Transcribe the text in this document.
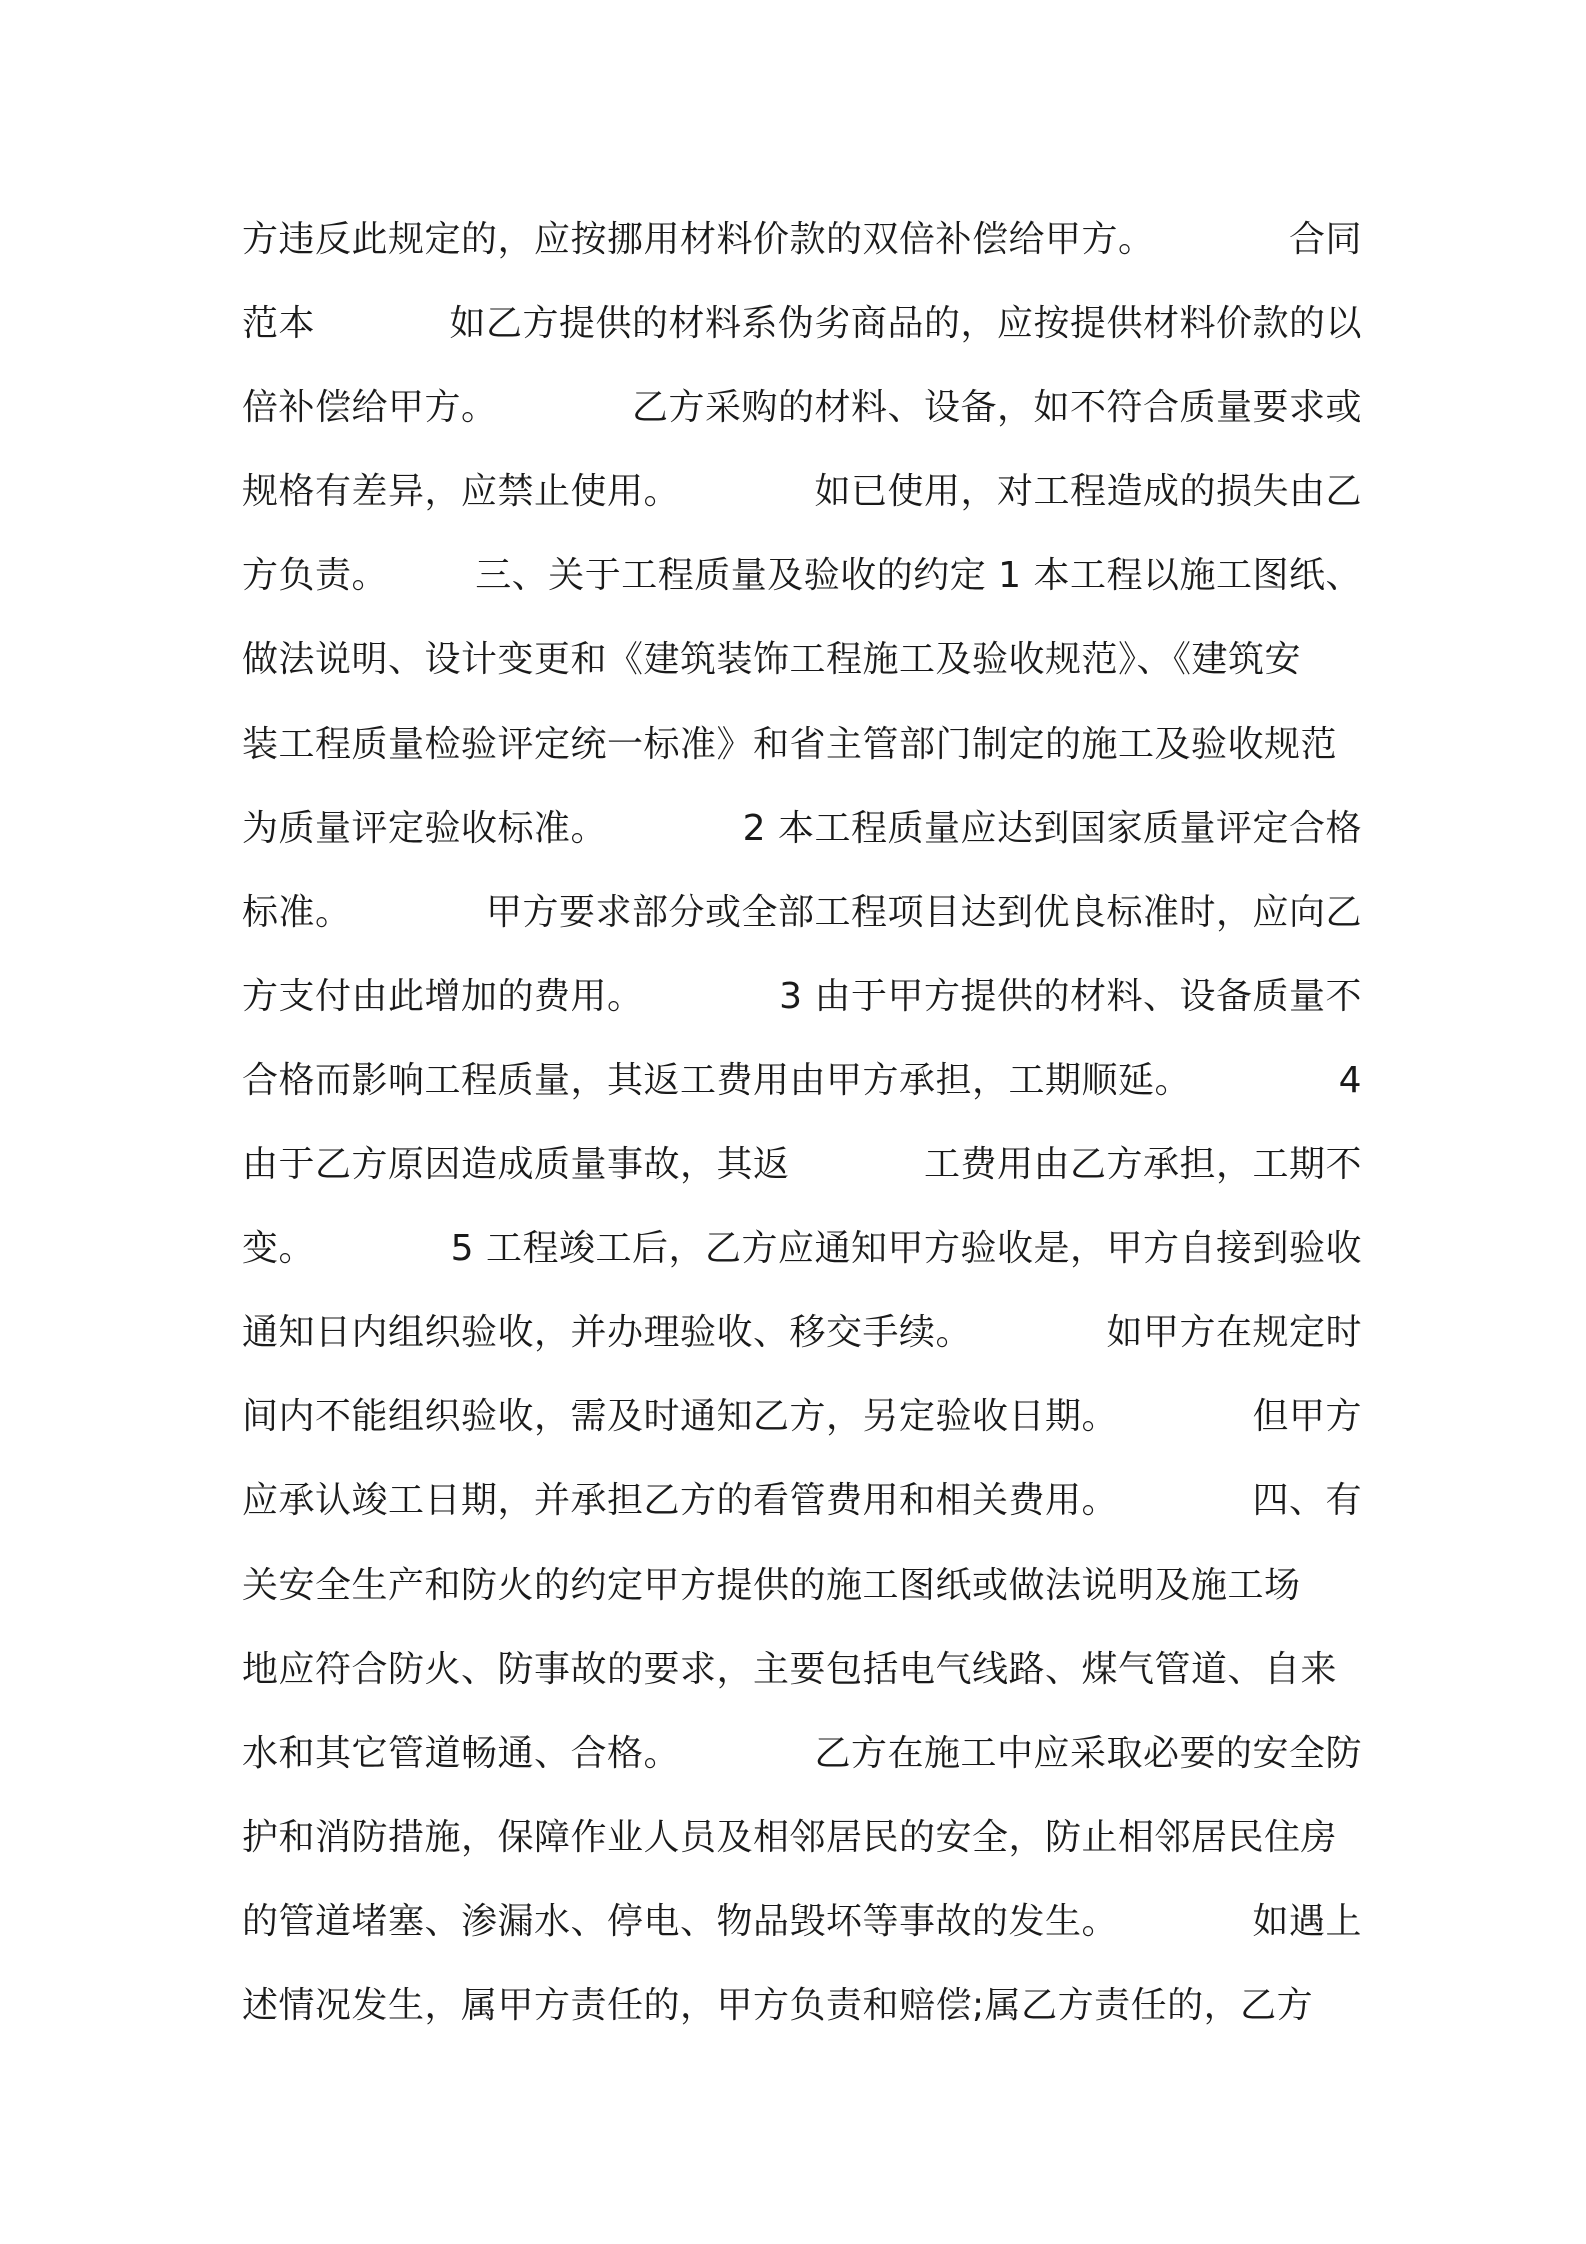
方违反此规定的，应按挪用材料价款的双倍补偿给甲方。	合同
范本	如乙方提供的材料系伪劣商品的，应按提供材料价款的以
倍补偿给甲方。	乙方采购的材料、设备，如不符合质量要求或
规格有差异，应禁止使用。	如已使用，对工程造成的损失由乙
方负责。 三、关于工程质量及验收的约定 1 本工程以施工图纸、
做法说明、设计变更和《建筑装饰工程施工及验收规范》、《建筑安
装工程质量检验评定统一标准》和省主管部门制定的施工及验收规范
为质量评定验收标准。	2 本工程质量应达到国家质量评定合格
标准。	甲方要求部分或全部工程项目达到优良标准时，应向乙
方支付由此增加的费用。	3 由于甲方提供的材料、设备质量不
合格而影响工程质量，其返工费用由甲方承担，工期顺延。	4
由于乙方原因造成质量事故，其返	工费用由乙方承担，工期不
变。	5 工程竣工后，乙方应通知甲方验收是，甲方自接到验收
通知日内组织验收，并办理验收、移交手续。	如甲方在规定时
间内不能组织验收，需及时通知乙方，另定验收日期。	但甲方
应承认竣工日期，并承担乙方的看管费用和相关费用。	四、有
关安全生产和防火的约定甲方提供的施工图纸或做法说明及施工场
地应符合防火、防事故的要求，主要包括电气线路、煤气管道、自来
水和其它管道畅通、合格。	乙方在施工中应采取必要的安全防
护和消防措施，保障作业人员及相邻居民的安全，防止相邻居民住房
的管道堵塞、渗漏水、停电、物品毁坏等事故的发生。	如遇上
述情况发生，属甲方责任的，甲方负责和赔偿;属乙方责任的，乙方
